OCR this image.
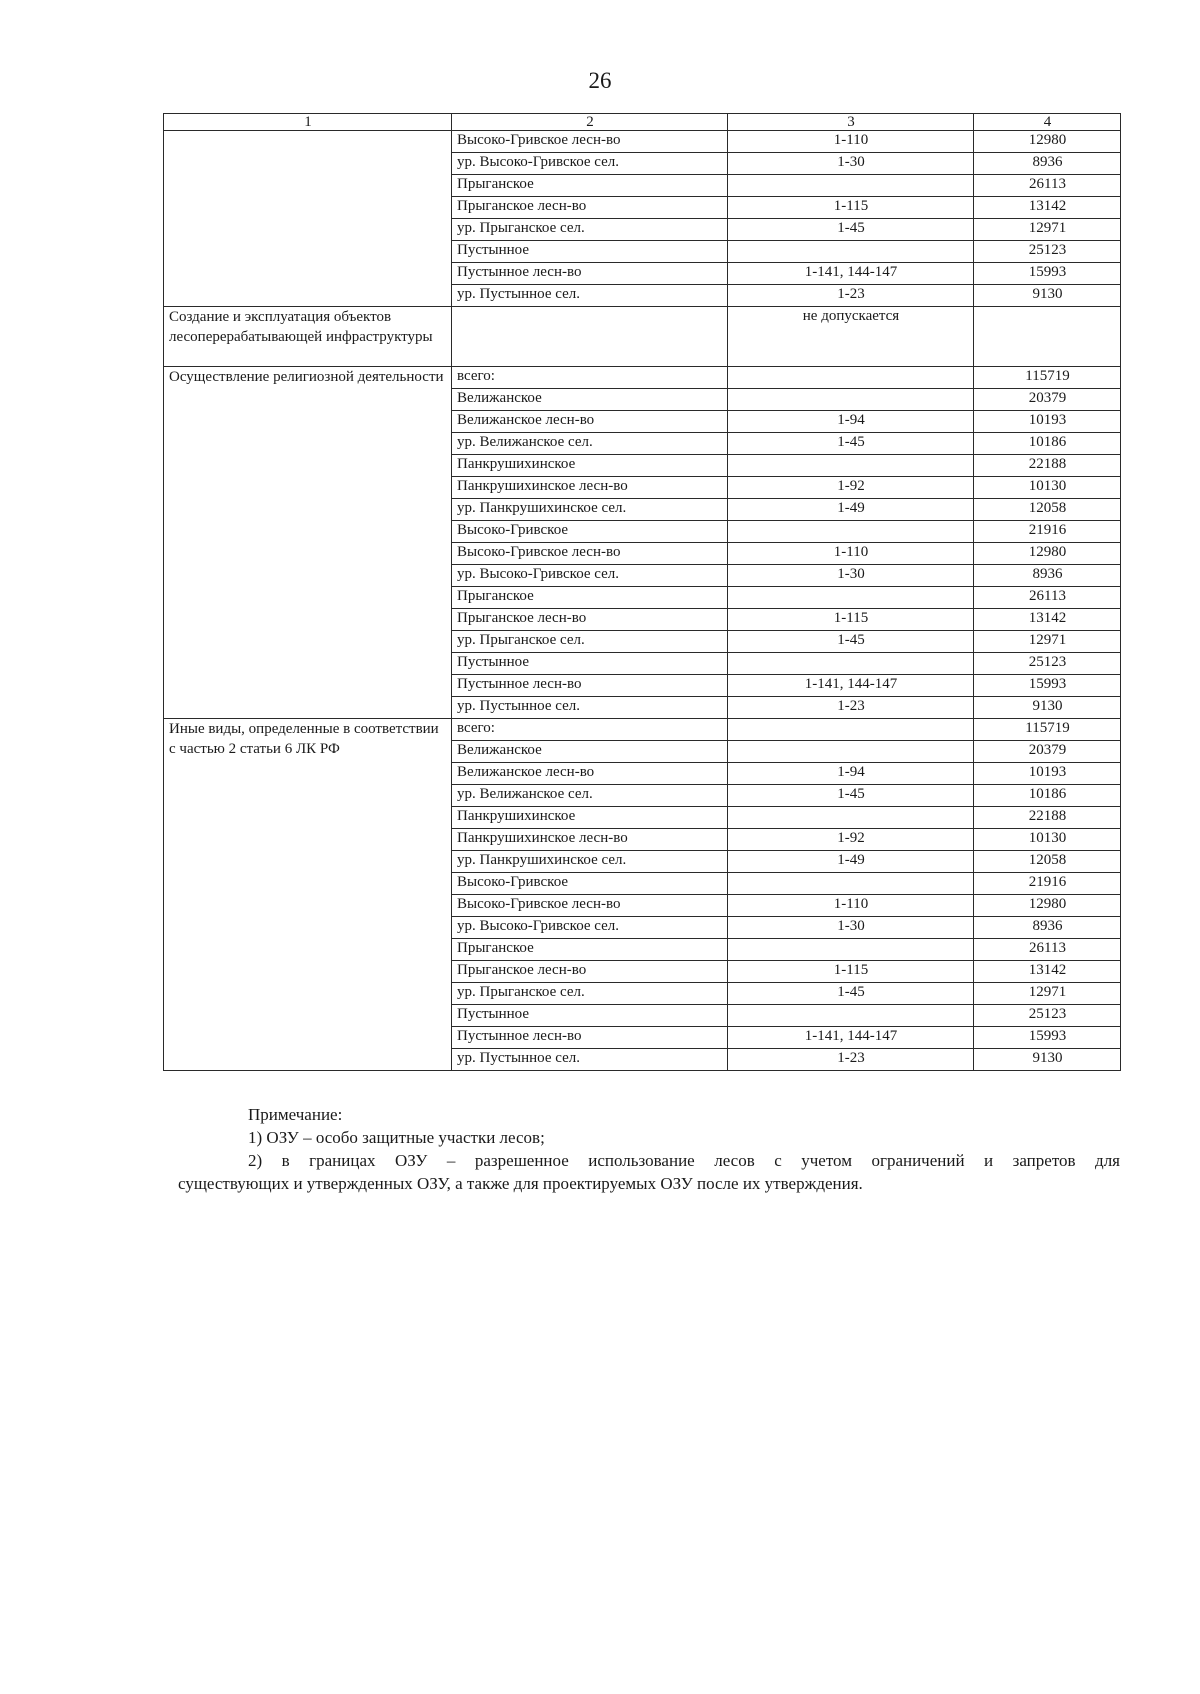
26
1	2	3	4
	Высоко-Гривское лесн-во	1-110	12980
	ур. Высоко-Гривское сел.	1-30	8936
	Прыганское		26113
	Прыганское лесн-во	1-115	13142
	ур. Прыганское сел.	1-45	12971
	Пустынное		25123
	Пустынное лесн-во	1-141, 144-147	15993
	ур. Пустынное сел.	1-23	9130
Создание и эксплуатация объектов лесоперерабатывающей инфраструктуры		не допускается	
Осуществление религиозной деятельности	всего:		115719
	Велижанское		20379
	Велижанское лесн-во	1-94	10193
	ур. Велижанское сел.	1-45	10186
	Панкрушихинское		22188
	Панкрушихинское лесн-во	1-92	10130
	ур. Панкрушихинское сел.	1-49	12058
	Высоко-Гривское		21916
	Высоко-Гривское лесн-во	1-110	12980
	ур. Высоко-Гривское сел.	1-30	8936
	Прыганское		26113
	Прыганское лесн-во	1-115	13142
	ур. Прыганское сел.	1-45	12971
	Пустынное		25123
	Пустынное лесн-во	1-141, 144-147	15993
	ур. Пустынное сел.	1-23	9130
Иные виды, определенные в соответствии с частью 2 статьи 6 ЛК РФ	всего:		115719
	Велижанское		20379
	Велижанское лесн-во	1-94	10193
	ур. Велижанское сел.	1-45	10186
	Панкрушихинское		22188
	Панкрушихинское лесн-во	1-92	10130
	ур. Панкрушихинское сел.	1-49	12058
	Высоко-Гривское		21916
	Высоко-Гривское лесн-во	1-110	12980
	ур. Высоко-Гривское сел.	1-30	8936
	Прыганское		26113
	Прыганское лесн-во	1-115	13142
	ур. Прыганское сел.	1-45	12971
	Пустынное		25123
	Пустынное лесн-во	1-141, 144-147	15993
	ур. Пустынное сел.	1-23	9130
Примечание:
1) ОЗУ – особо защитные участки лесов;
2) в границах ОЗУ – разрешенное использование лесов с учетом ограничений и запретов для
существующих и утвержденных ОЗУ, а также для проектируемых ОЗУ после их утверждения.
